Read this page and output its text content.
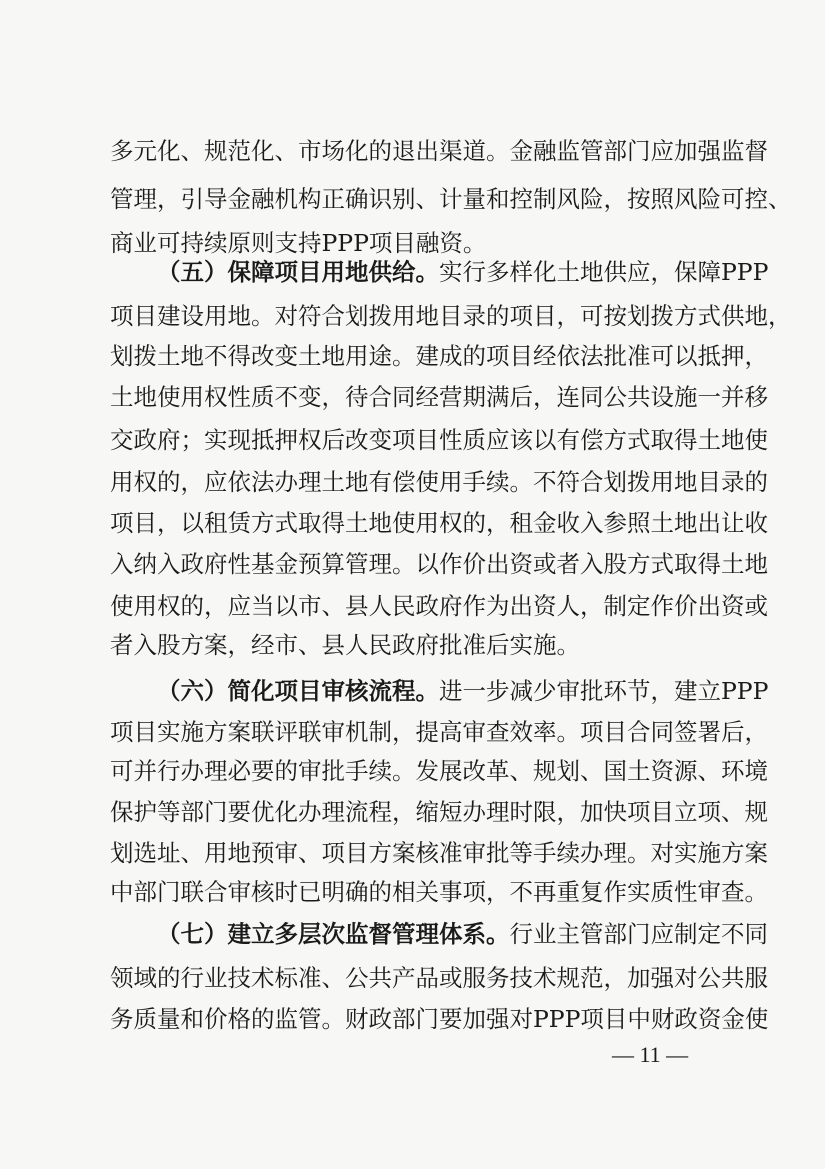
多元化、规范化、市场化的退出渠道。金融监管部门应加强监督
管理，引导金融机构正确识别、计量和控制风险，按照风险可控、
商业可持续原则支持PPP项目融资。
（五）保障项目用地供给。实行多样化土地供应，保障PPP
项目建设用地。对符合划拨用地目录的项目，可按划拨方式供地，
划拨土地不得改变土地用途。建成的项目经依法批准可以抵押，
土地使用权性质不变，待合同经营期满后，连同公共设施一并移
交政府；实现抵押权后改变项目性质应该以有偿方式取得土地使
用权的，应依法办理土地有偿使用手续。不符合划拨用地目录的
项目，以租赁方式取得土地使用权的，租金收入参照土地出让收
入纳入政府性基金预算管理。以作价出资或者入股方式取得土地
使用权的，应当以市、县人民政府作为出资人，制定作价出资或
者入股方案，经市、县人民政府批准后实施。
（六）简化项目审核流程。进一步减少审批环节，建立PPP
项目实施方案联评联审机制，提高审查效率。项目合同签署后，
可并行办理必要的审批手续。发展改革、规划、国土资源、环境
保护等部门要优化办理流程，缩短办理时限，加快项目立项、规
划选址、用地预审、项目方案核准审批等手续办理。对实施方案
中部门联合审核时已明确的相关事项，不再重复作实质性审查。
（七）建立多层次监督管理体系。行业主管部门应制定不同
领域的行业技术标准、公共产品或服务技术规范，加强对公共服
务质量和价格的监管。财政部门要加强对PPP项目中财政资金使
— 11 —
